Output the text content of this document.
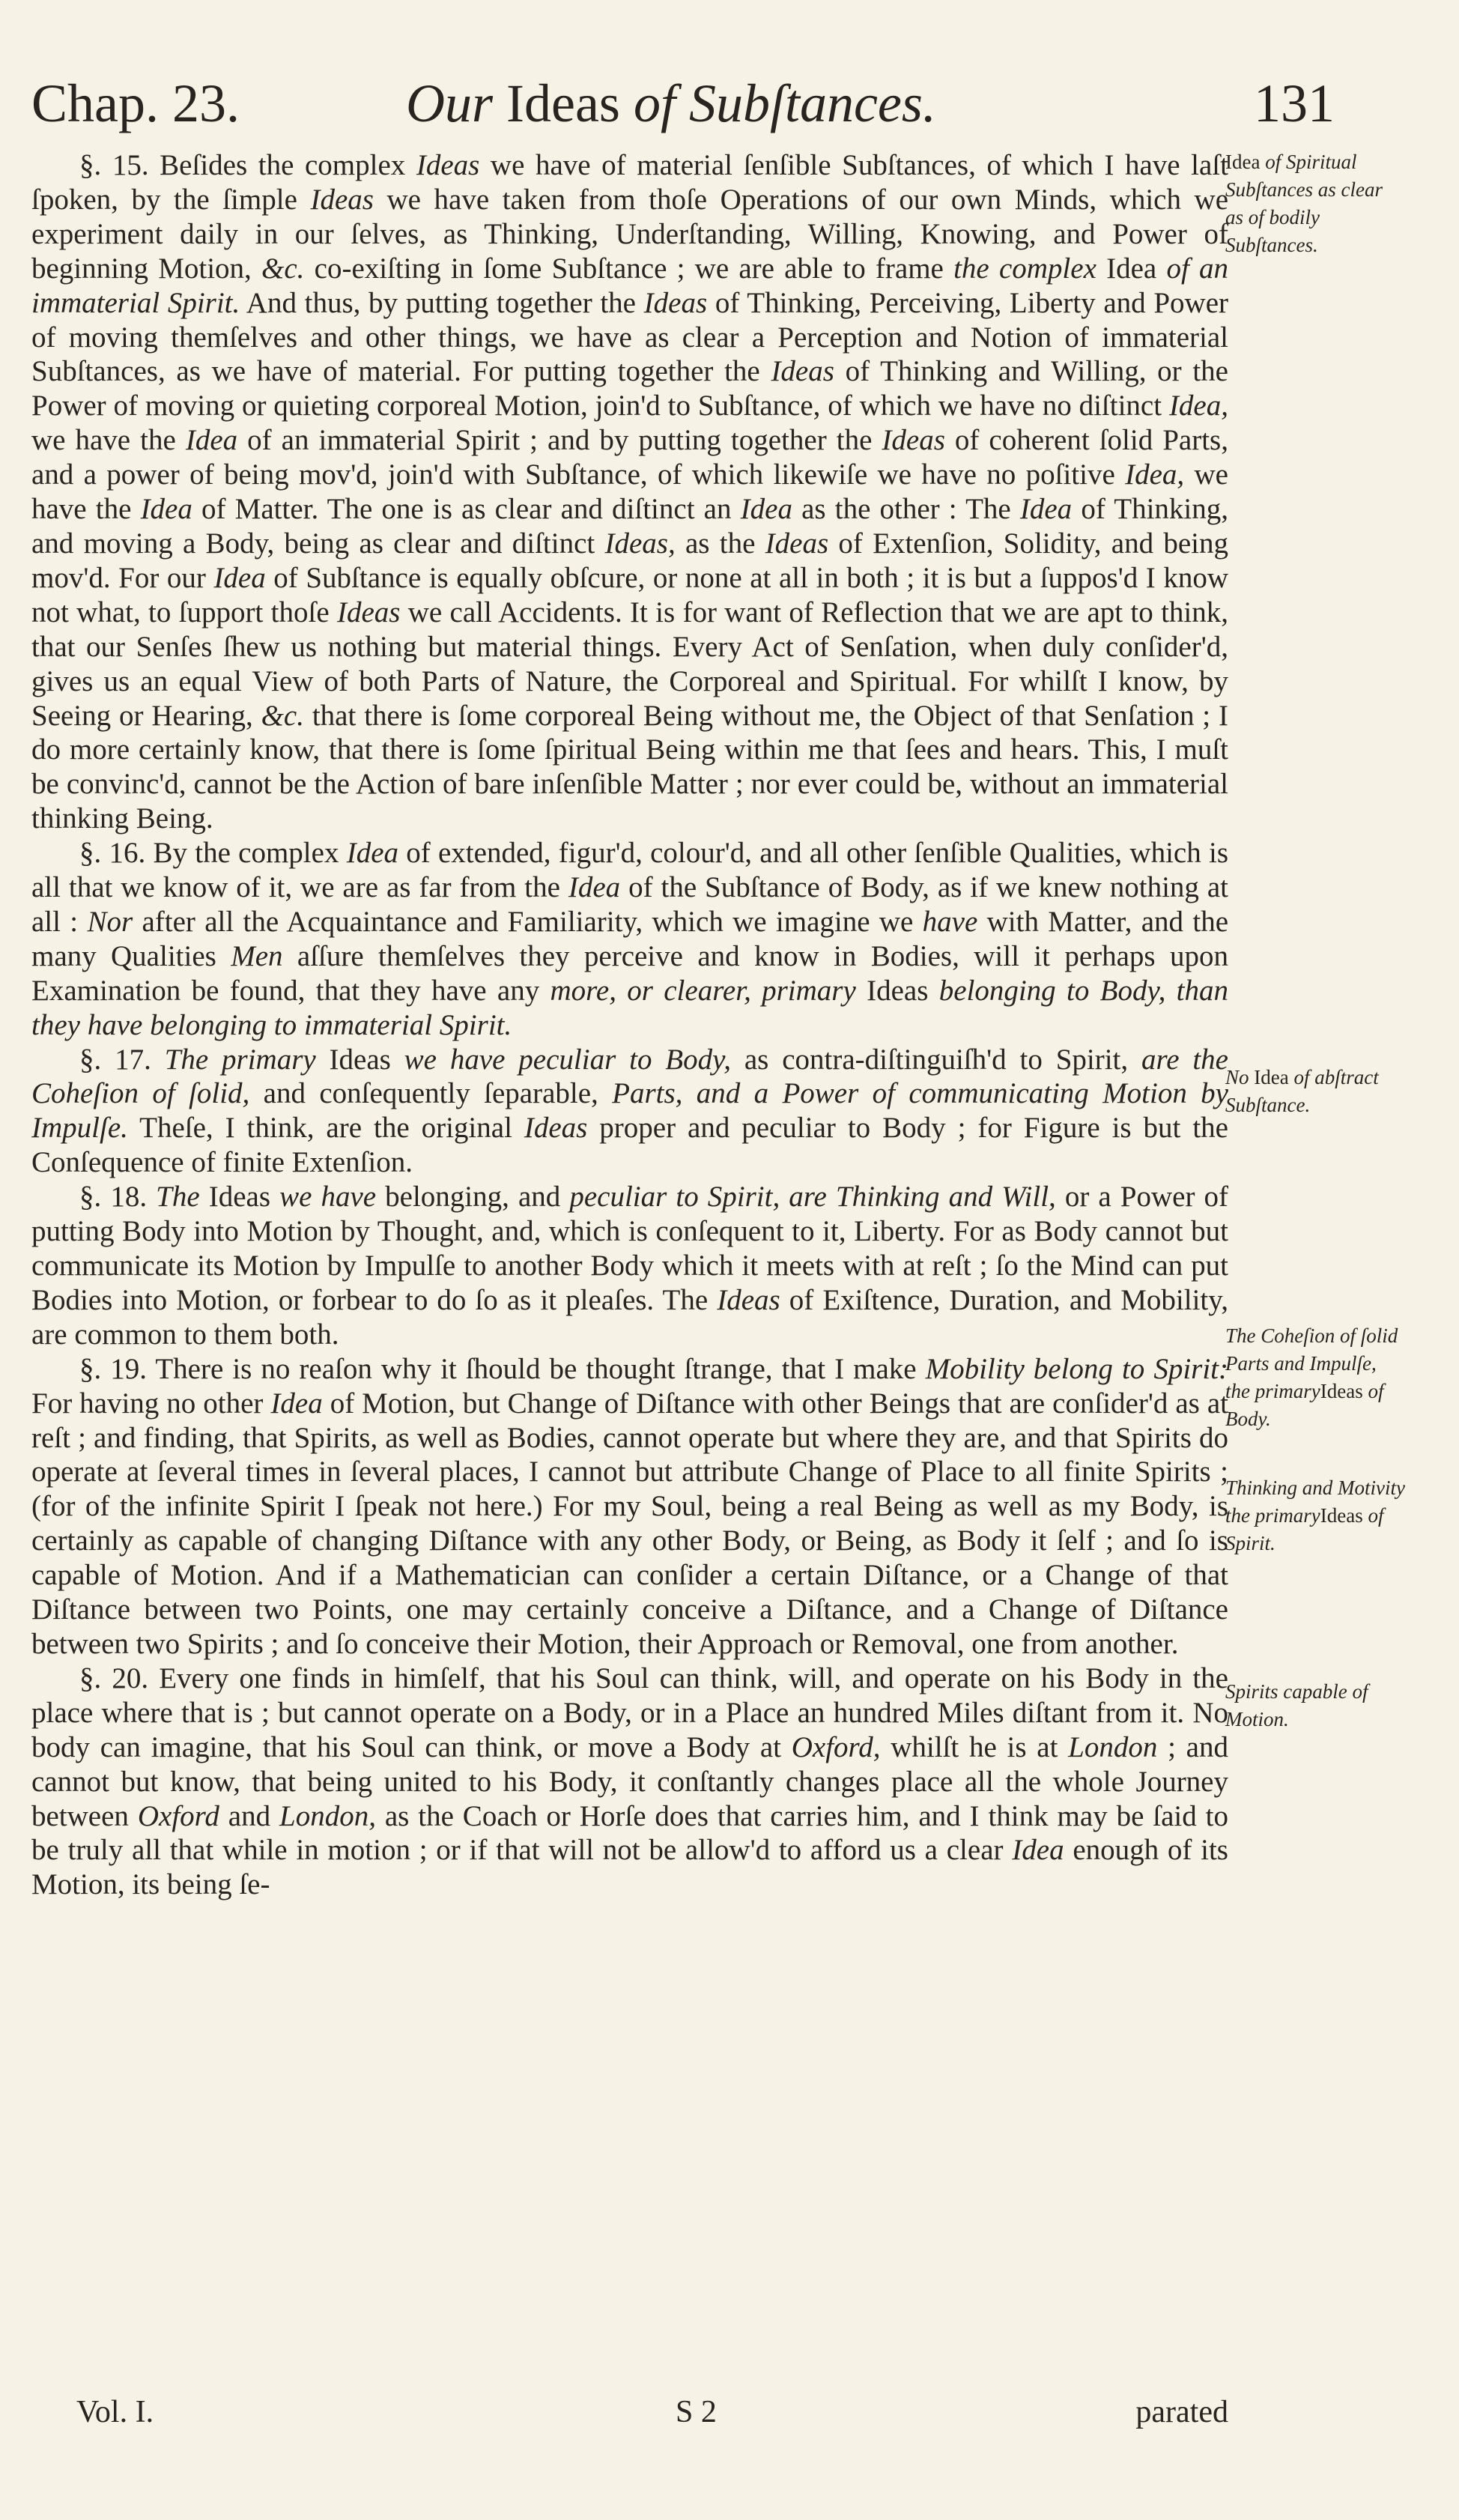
Chap. 23.	Our Ideas of Subſtances.	131

§. 15. Beſides the complex Ideas we have of material ſenſible Subſtances, of which I have laſt ſpoken, by the ſimple Ideas we have taken from thoſe Operations of our own Minds, which we experiment daily in our ſelves, as Thinking, Underſtanding, Willing, Knowing, and Power of beginning Motion, &c. co-exiſting in ſome Subſtance ; we are able to frame the complex Idea of an immaterial Spirit. And thus, by putting together the Ideas of Thinking, Perceiving, Liberty and Power of moving themſelves and other things, we have as clear a Perception and Notion of immaterial Subſtances, as we have of material. For putting together the Ideas of Thinking and Willing, or the Power of moving or quieting corporeal Motion, join'd to Subſtance, of which we have no diſtinct Idea, we have the Idea of an immaterial Spirit ; and by putting together the Ideas of coherent ſolid Parts, and a power of being mov'd, join'd with Subſtance, of which likewiſe we have no poſitive Idea, we have the Idea of Matter. The one is as clear and diſtinct an Idea as the other : The Idea of Thinking, and moving a Body, being as clear and diſtinct Ideas, as the Ideas of Extenſion, Solidity, and being mov'd. For our Idea of Subſtance is equally obſcure, or none at all in both ; it is but a ſuppos'd I know not what, to ſupport thoſe Ideas we call Accidents. It is for want of Reflection that we are apt to think, that our Senſes ſhew us nothing but material things. Every Act of Senſation, when duly conſider'd, gives us an equal View of both Parts of Nature, the Corporeal and Spiritual. For whilſt I know, by Seeing or Hearing, &c. that there is ſome corporeal Being without me, the Object of that Senſation ; I do more certainly know, that there is ſome ſpiritual Being within me that ſees and hears. This, I muſt be convinc'd, cannot be the Action of bare inſenſible Matter ; nor ever could be, without an immaterial thinking Being.

§. 16. By the complex Idea of extended, figur'd, colour'd, and all other ſenſible Qualities, which is all that we know of it, we are as far from the Idea of the Subſtance of Body, as if we knew nothing at all : Nor after all the Acquaintance and Familiarity, which we imagine we have with Matter, and the many Qualities Men aſſure themſelves they perceive and know in Bodies, will it perhaps upon Examination be found, that they have any more, or clearer, primary Ideas belonging to Body, than they have belonging to immaterial Spirit.

§. 17. The primary Ideas we have peculiar to Body, as contra-diſtinguiſh'd to Spirit, are the Coheſion of ſolid, and conſequently ſeparable, Parts, and a Power of communicating Motion by Impulſe. Theſe, I think, are the original Ideas proper and peculiar to Body ; for Figure is but the Conſequence of finite Extenſion.

§. 18. The Ideas we have belonging, and peculiar to Spirit, are Thinking and Will, or a Power of putting Body into Motion by Thought, and, which is conſequent to it, Liberty. For as Body cannot but communicate its Motion by Impulſe to another Body which it meets with at reſt ; ſo the Mind can put Bodies into Motion, or forbear to do ſo as it pleaſes. The Ideas of Exiſtence, Duration, and Mobility, are common to them both.

§. 19. There is no reaſon why it ſhould be thought ſtrange, that I make Mobility belong to Spirit: For having no other Idea of Motion, but Change of Diſtance with other Beings that are conſider'd as at reſt ; and finding, that Spirits, as well as Bodies, cannot operate but where they are, and that Spirits do operate at ſeveral times in ſeveral places, I cannot but attribute Change of Place to all finite Spirits ; (for of the infinite Spirit I ſpeak not here.) For my Soul, being a real Being as well as my Body, is certainly as capable of changing Diſtance with any other Body, or Being, as Body it ſelf ; and ſo is capable of Motion. And if a Mathematician can conſider a certain Diſtance, or a Change of that Diſtance between two Points, one may certainly conceive a Diſtance, and a Change of Diſtance between two Spirits ; and ſo conceive their Motion, their Approach or Removal, one from another.

§. 20. Every one finds in himſelf, that his Soul can think, will, and operate on his Body in the place where that is ; but cannot operate on a Body, or in a Place an hundred Miles diſtant from it. No body can imagine, that his Soul can think, or move a Body at Oxford, whilſt he is at London ; and cannot but know, that being united to his Body, it conſtantly changes place all the whole Journey between Oxford and London, as the Coach or Horſe does that carries him, and I think may be ſaid to be truly all that while in motion ; or if that will not be allow'd to afford us a clear Idea enough of its Motion, its being ſe-

Idea of Spiritual Subſtances as clear as of bodily Subſtances.
No Idea of abſtract Subſtance.
The Coheſion of ſolid Parts and Impulſe, the primaryIdeas of Body.
Thinking and Motivity the primaryIdeas of Spirit.
Spirits capable of Motion.
Vol. I.	S 2	parated
